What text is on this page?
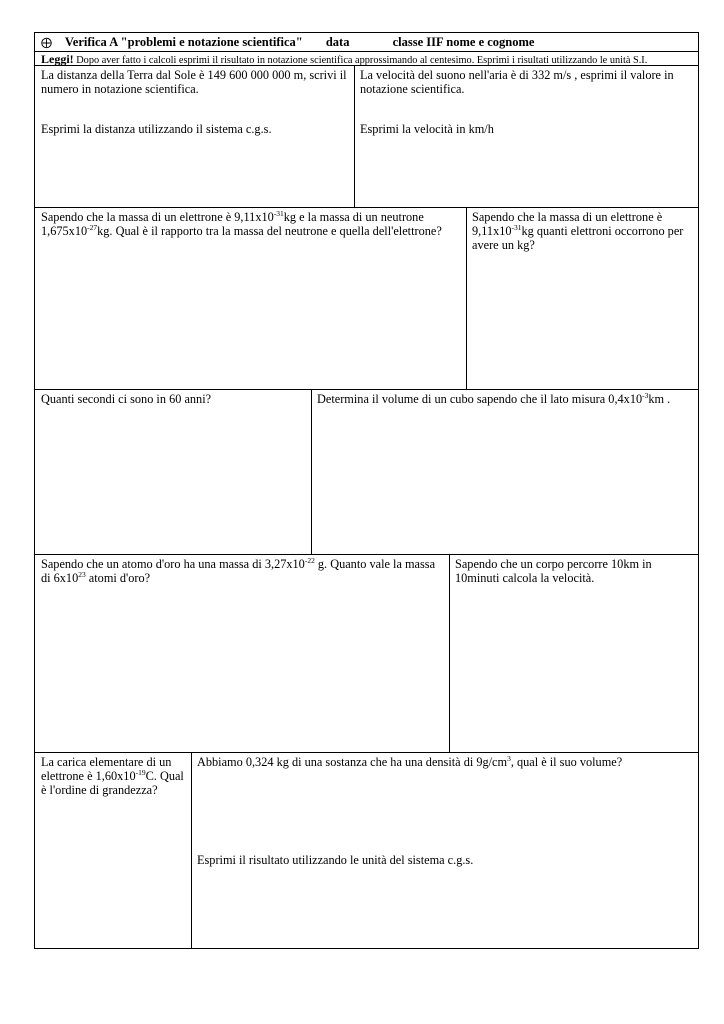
⨁ Verifica A "problemi e notazione scientifica" data	classe IIF nome e cognome
Leggi! Dopo aver fatto i calcoli esprimi il risultato in notazione scientifica approssimando al centesimo. Esprimi i risultati utilizzando le unità S.I.

La distanza della Terra dal Sole è 149 600 000 000 m, scrivi il numero in notazione scientifica.

Esprimi la distanza utilizzando il sistema c.g.s.

La velocità del suono nell'aria è di 332 m/s , esprimi il valore in notazione scientifica.

Esprimi la velocità in km/h

Sapendo che la massa di un elettrone è $9,11x10^{-31}kg$ e la massa di un neutrone $1,675x10^{-27}kg$. Qual è il rapporto tra la massa del neutrone e quella dell'elettrone?
Sapendo che la massa di un elettrone è $9,11x10^{-31}kg$ quanti elettroni occorrono per avere un kg?
Quanti secondi ci sono in 60 anni?	Determina il volume di un cubo sapendo che il lato misura $0,4x10^{-3}km$ .
Sapendo che un atomo d'oro ha una massa di $3,27x10^{-22}$ g. Quanto vale la massa di $6x10^{23}$ atomi d'oro?
Sapendo che un corpo percorre 10km in 10minuti calcola la velocità.
La carica elementare di un elettrone è $1,60x10^{-19}C$. Qual è l'ordine di grandezza?

Abbiamo 0,324 kg di una sostanza che ha una densità di $9g/cm^3$, qual è il suo volume?

Esprimi il risultato utilizzando le unità del sistema c.g.s.
